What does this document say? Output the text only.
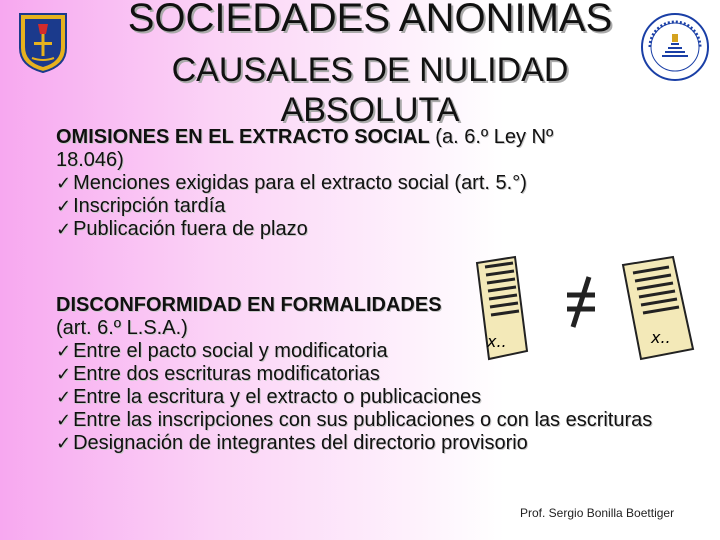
SOCIEDADES ANONIMAS
CAUSALES DE NULIDAD
ABSOLUTA
OMISIONES EN EL EXTRACTO SOCIAL (a. 6.º Ley Nº
18.046)
✓ Menciones exigidas para el extracto social (art. 5.°)
✓ Inscripción tardía
✓ Publicación fuera de plazo
x..	x..
DISCONFORMIDAD EN FORMALIDADES
(art. 6.º L.S.A.)
✓ Entre el pacto social y modificatoria
✓ Entre dos escrituras modificatorias
✓ Entre la escritura y el extracto o publicaciones
✓ Entre las inscripciones con sus publicaciones o con las escrituras
✓ Designación de integrantes del directorio provisorio
Prof. Sergio Bonilla Boettiger
